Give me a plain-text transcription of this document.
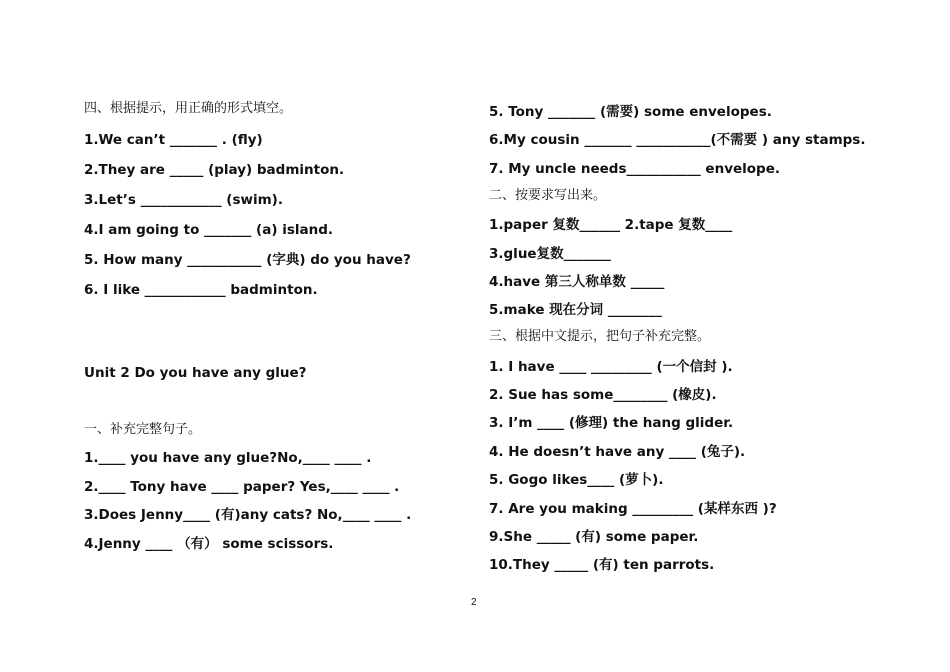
四、根据提示，用正确的形式填空。
1.We can’t _______ . (fly)
2.They are _____ (play) badminton.
3.Let’s ____________ (swim).
4.I am going to _______ (a) island.
5. How many ___________ (字典) do you have?
6. I like ____________ badminton.
Unit 2 Do you have any glue?
一、补充完整句子。
1.____ you have any glue?No,____ ____ .
2.____ Tony have ____ paper? Yes,____ ____ .
3.Does Jenny____ (有)any cats? No,____ ____ .
4.Jenny ____ （有） some scissors.
5. Tony _______ (需要) some envelopes.
6.My cousin _______ ___________(不需要 ) any stamps.
7. My uncle needs___________ envelope.
二、按要求写出来。
1.paper 复数______ 2.tape 复数____
3.glue复数_______
4.have 第三人称单数 _____
5.make 现在分词 ________
三、根据中文提示，把句子补充完整。
1. I have ____ _________ (一个信封 ).
2. Sue has some________ (橡皮).
3. I’m ____ (修理) the hang glider.
4. He doesn’t have any ____ (兔子).
5. Gogo likes____ (萝卜).
7. Are you making _________ (某样东西 )?
9.She _____ (有) some paper.
10.They _____ (有) ten parrots.
2
